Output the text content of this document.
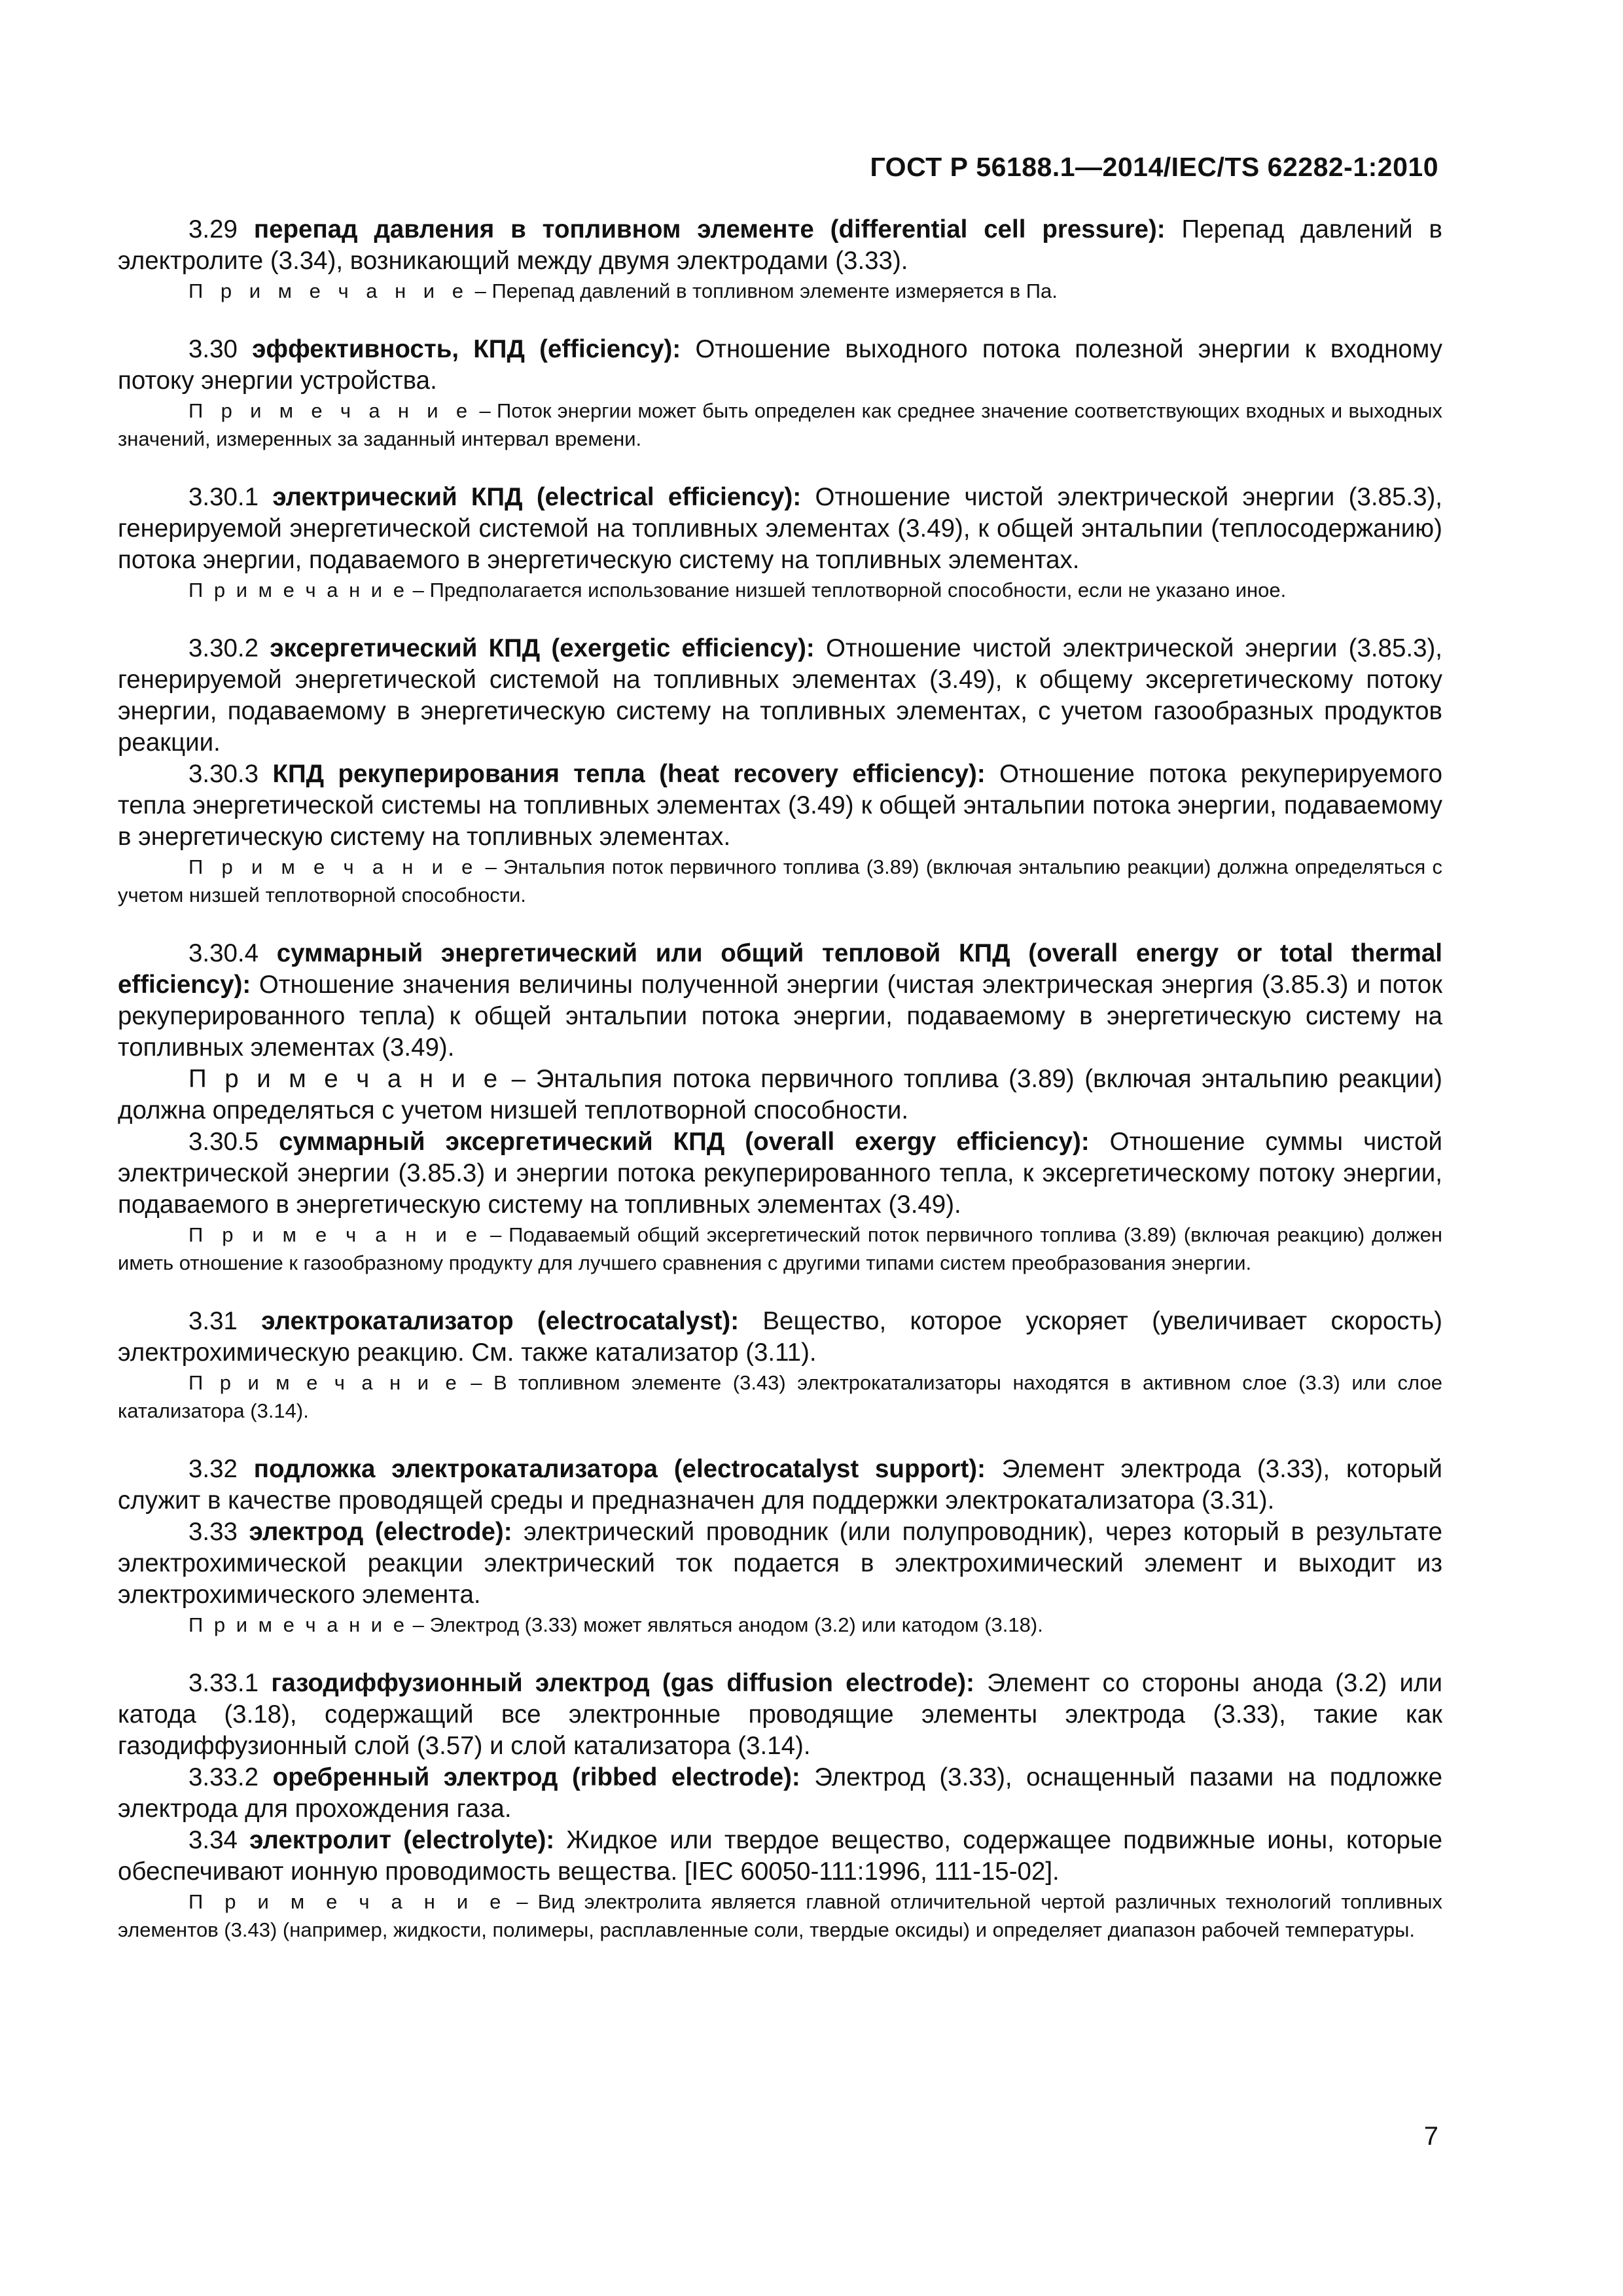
ГОСТ Р 56188.1—2014/IEC/TS 62282-1:2010
3.29 перепад давления в топливном элементе (differential cell pressure): Перепад давлений в электролите (3.34), возникающий между двумя электродами (3.33).
П р и м е ч а н и е – Перепад давлений в топливном элементе измеряется в Па.
3.30 эффективность, КПД (efficiency): Отношение выходного потока полезной энергии к входному потоку энергии устройства.
П р и м е ч а н и е – Поток энергии может быть определен как среднее значение соответствующих входных и выходных значений, измеренных за заданный интервал времени.
3.30.1 электрический КПД (electrical efficiency): Отношение чистой электрической энергии (3.85.3), генерируемой энергетической системой на топливных элементах (3.49), к общей энтальпии (теплосодержанию) потока энергии, подаваемого в энергетическую систему на топливных элементах.
П р и м е ч а н и е – Предполагается использование низшей теплотворной способности, если не указано иное.
3.30.2 эксергетический КПД (exergetic efficiency): Отношение чистой электрической энергии (3.85.3), генерируемой энергетической системой на топливных элементах (3.49), к общему эксергетическому потоку энергии, подаваемому в энергетическую систему на топливных элементах, с учетом газообразных продуктов реакции.
3.30.3 КПД рекуперирования тепла (heat recovery efficiency): Отношение потока рекуперируемого тепла энергетической системы на топливных элементах (3.49) к общей энтальпии потока энергии, подаваемому в энергетическую систему на топливных элементах.
П р и м е ч а н и е – Энтальпия поток первичного топлива (3.89) (включая энтальпию реакции) должна определяться с учетом низшей теплотворной способности.
3.30.4 суммарный энергетический или общий тепловой КПД (overall energy or total thermal efficiency): Отношение значения величины полученной энергии (чистая электрическая энергия (3.85.3) и поток рекуперированного тепла) к общей энтальпии потока энергии, подаваемому в энергетическую систему на топливных элементах (3.49).
П р и м е ч а н и е – Энтальпия потока первичного топлива (3.89) (включая энтальпию реакции) должна определяться с учетом низшей теплотворной способности.
3.30.5 суммарный эксергетический КПД (overall exergy efficiency): Отношение суммы чистой электрической энергии (3.85.3) и энергии потока рекуперированного тепла, к эксергетическому потоку энергии, подаваемого в энергетическую систему на топливных элементах (3.49).
П р и м е ч а н и е – Подаваемый общий эксергетический поток первичного топлива (3.89) (включая реакцию) должен иметь отношение к газообразному продукту для лучшего сравнения с другими типами систем преобразования энергии.
3.31 электрокатализатор (electrocatalyst): Вещество, которое ускоряет (увеличивает скорость) электрохимическую реакцию. См. также катализатор (3.11).
П р и м е ч а н и е – В топливном элементе (3.43) электрокатализаторы находятся в активном слое (3.3) или слое катализатора (3.14).
3.32 подложка электрокатализатора (electrocatalyst support): Элемент электрода (3.33), который служит в качестве проводящей среды и предназначен для поддержки электрокатализатора (3.31).
3.33 электрод (electrode): электрический проводник (или полупроводник), через который в результате электрохимической реакции электрический ток подается в электрохимический элемент и выходит из электрохимического элемента.
П р и м е ч а н и е – Электрод (3.33) может являться анодом (3.2) или катодом (3.18).
3.33.1 газодиффузионный электрод (gas diffusion electrode): Элемент со стороны анода (3.2) или катода (3.18), содержащий все электронные проводящие элементы электрода (3.33), такие как газодиффузионный слой (3.57) и слой катализатора (3.14).
3.33.2 оребренный электрод (ribbed electrode): Электрод (3.33), оснащенный пазами на подложке электрода для прохождения газа.
3.34 электролит (electrolyte): Жидкое или твердое вещество, содержащее подвижные ионы, которые обеспечивают ионную проводимость вещества. [IEC 60050-111:1996, 111-15-02].
П р и м е ч а н и е – Вид электролита является главной отличительной чертой различных технологий топливных элементов (3.43) (например, жидкости, полимеры, расплавленные соли, твердые оксиды) и определяет диапазон рабочей температуры.
7
